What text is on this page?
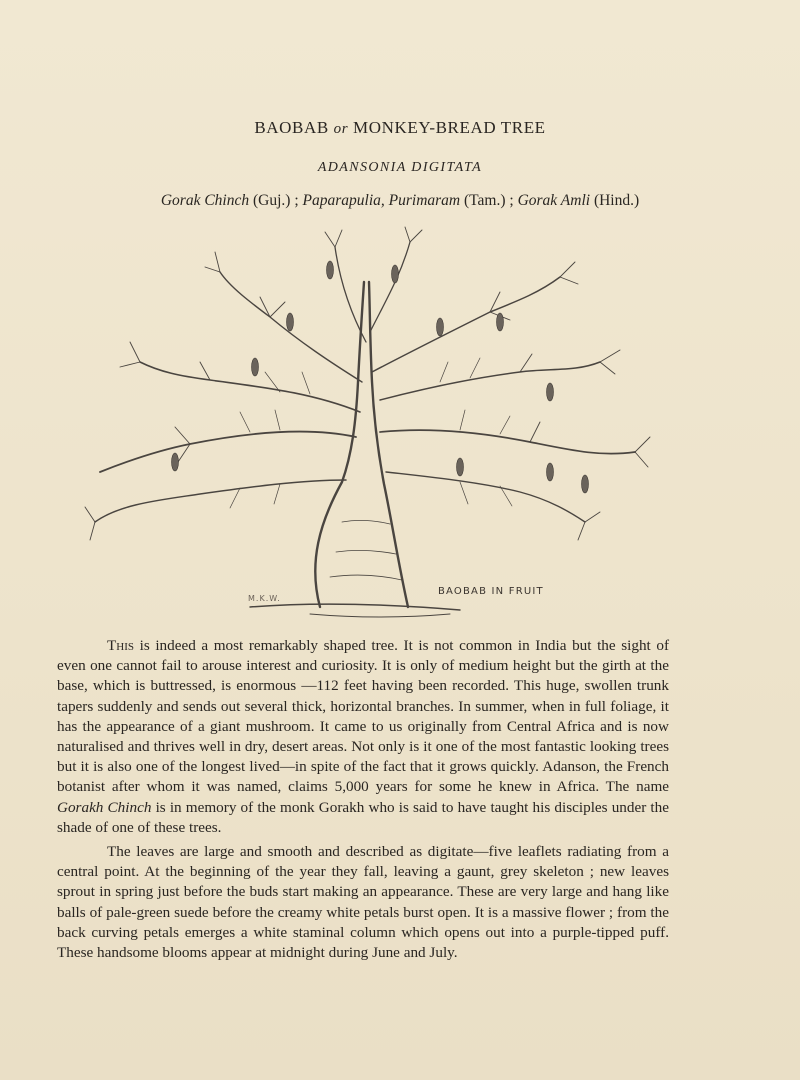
BAOBAB or MONKEY-BREAD TREE
ADANSONIA DIGITATA
Gorak Chinch (Guj.) ; Paparapulia, Purimaram (Tam.) ; Gorak Amli (Hind.)
M.K.W.
BAOBAB IN FRUIT

This is indeed a most remarkably shaped tree. It is not common in India but the sight of even one cannot fail to arouse interest and curiosity. It is only of medium height but the girth at the base, which is buttressed, is enormous —112 feet having been recorded. This huge, swollen trunk tapers suddenly and sends out several thick, horizontal branches. In summer, when in full foliage, it has the appearance of a giant mushroom. It came to us originally from Central Africa and is now naturalised and thrives well in dry, desert areas. Not only is it one of the most fantastic looking trees but it is also one of the longest lived—in spite of the fact that it grows quickly. Adanson, the French botanist after whom it was named, claims 5,000 years for some he knew in Africa. The name Gorakh Chinch is in memory of the monk Gorakh who is said to have taught his disciples under the shade of one of these trees.

The leaves are large and smooth and described as digitate—five leaflets radiating from a central point. At the beginning of the year they fall, leaving a gaunt, grey skeleton ; new leaves sprout in spring just before the buds start making an appearance. These are very large and hang like balls of pale-green suede before the creamy white petals burst open. It is a massive flower ; from the back curving petals emerges a white staminal column which opens out into a purple-tipped puff. These handsome blooms appear at midnight during June and July.
